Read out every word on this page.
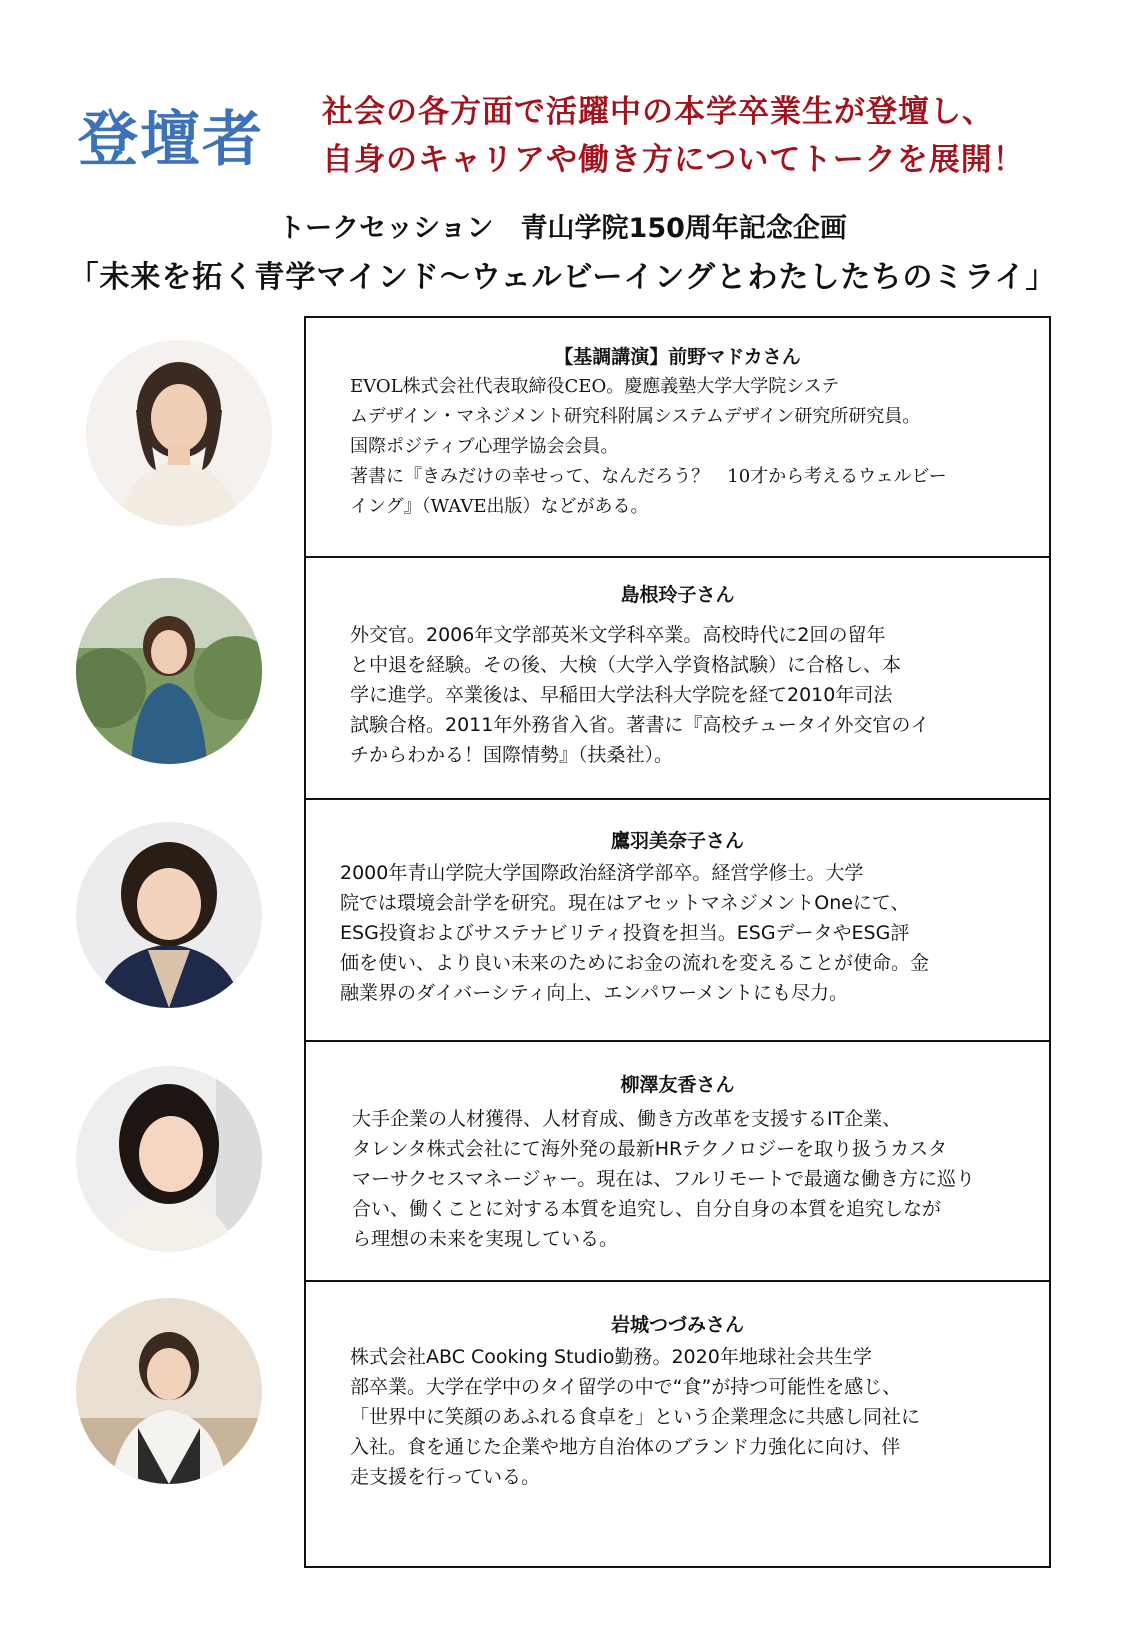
登壇者 社会の各方面で活躍中の本学卒業生が登壇し、
自身のキャリアや働き方についてトークを展開！
トークセッション　青山学院150周年記念企画
「未来を拓く青学マインド～ウェルビーイングとわたしたちのミライ」
【基調講演】前野マドカさん
EVOL株式会社代表取締役CEO。慶應義塾大学大学院システ
ムデザイン・マネジメント研究科附属システムデザイン研究所研究員。
国際ポジティブ心理学協会会員。
著書に『きみだけの幸せって、なんだろう？　10才から考えるウェルビー
イング』（WAVE出版）などがある。
島根玲子さん
外交官。2006年文学部英米文学科卒業。高校時代に2回の留年
と中退を経験。その後、大検（大学入学資格試験）に合格し、本
学に進学。卒業後は、早稲田大学法科大学院を経て2010年司法
試験合格。2011年外務省入省。著書に『高校チュータイ外交官のイ
チからわかる！国際情勢』（扶桑社）。
鷹羽美奈子さん
2000年青山学院大学国際政治経済学部卒。経営学修士。大学
院では環境会計学を研究。現在はアセットマネジメントOneにて、
ESG投資およびサステナビリティ投資を担当。ESGデータやESG評
価を使い、より良い未来のためにお金の流れを変えることが使命。金
融業界のダイバーシティ向上、エンパワーメントにも尽力。
柳澤友香さん
大手企業の人材獲得、人材育成、働き方改革を支援するIT企業、
タレンタ株式会社にて海外発の最新HRテクノロジーを取り扱うカスタ
マーサクセスマネージャー。現在は、フルリモートで最適な働き方に巡り
合い、働くことに対する本質を追究し、自分自身の本質を追究しなが
ら理想の未来を実現している。
岩城つづみさん
株式会社ABC Cooking Studio勤務。2020年地球社会共生学
部卒業。大学在学中のタイ留学の中で“食”が持つ可能性を感じ、
「世界中に笑顔のあふれる食卓を」という企業理念に共感し同社に
入社。食を通じた企業や地方自治体のブランド力強化に向け、伴
走支援を行っている。
